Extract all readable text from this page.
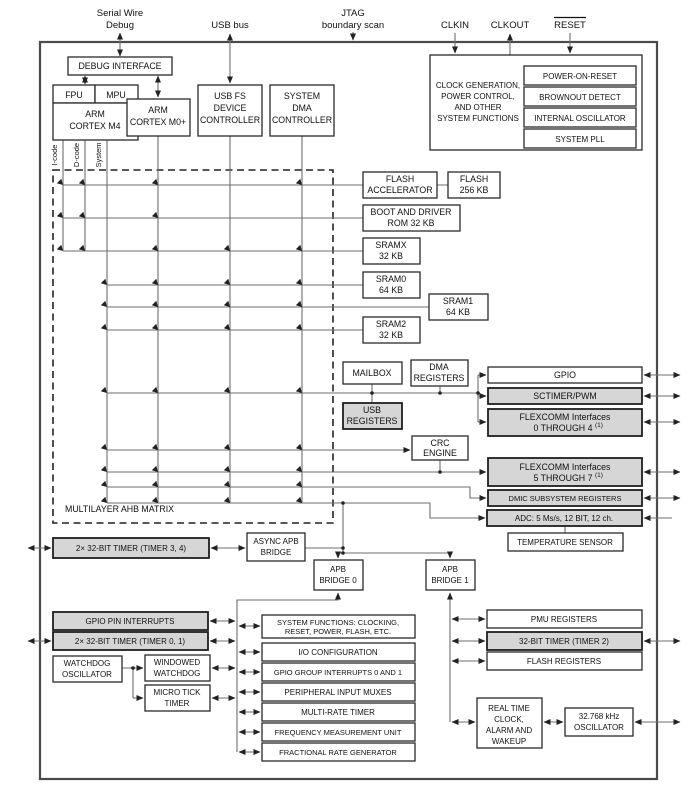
Serial Wire
Debug	USB bus
JTAG
boundary scan	CLKIN CLKOUT	RESET
I-code D-code System
MULTILAYER AHB MATRIX
DEBUG INTERFACE
FPU	MPU
ARM
CORTEX M4
ARM
CORTEX M0+
USB FS
DEVICE
CONTROLLER
SYSTEM
DMA
CONTROLLER
CLOCK GENERATION,
POWER CONTROL,
AND OTHER
SYSTEM FUNCTIONS
POWER-ON-RESET
BROWNOUT DETECT
INTERNAL OSCILLATOR
SYSTEM PLL
FLASH
ACCELERATOR
FLASH
256 KB
BOOT AND DRIVER
ROM 32 KB
SRAMX
32 KB
SRAM0
64 KB
SRAM1
64 KB
SRAM2
32 KB
MAILBOX
DMA
REGISTERS
USB
REGISTERS
CRC
ENGINE
GPIO
SCTIMER/PWM
FLEXCOMM Interfaces
0 THROUGH 4 (1)
FLEXCOMM Interfaces
5 THROUGH 7 (1)
DMIC SUBSYSTEM REGISTERS
ADC: 5 Ms/s, 12 BIT, 12 ch.
TEMPERATURE SENSOR
2× 32-BIT TIMER (TIMER 3, 4)
ASYNC APB
BRIDGE
APB
BRIDGE 0
APB
BRIDGE 1
GPIO PIN INTERRUPTS
2× 32-BIT TIMER (TIMER 0, 1)
WATCHDOG
OSCILLATOR
WINDOWED
WATCHDOG
MICRO TICK
TIMER
SYSTEM FUNCTIONS: CLOCKING,
RESET, POWER, FLASH, ETC.
I/O CONFIGURATION
GPIO GROUP INTERRUPTS 0 AND 1
PERIPHERAL INPUT MUXES
MULTI-RATE TIMER
FREQUENCY MEASUREMENT UNIT
FRACTIONAL RATE GENERATOR
PMU REGISTERS
32-BIT TIMER (TIMER 2)
FLASH REGISTERS
REAL TIME
CLOCK,
ALARM AND
WAKEUP
32.768 kHz
OSCILLATOR
